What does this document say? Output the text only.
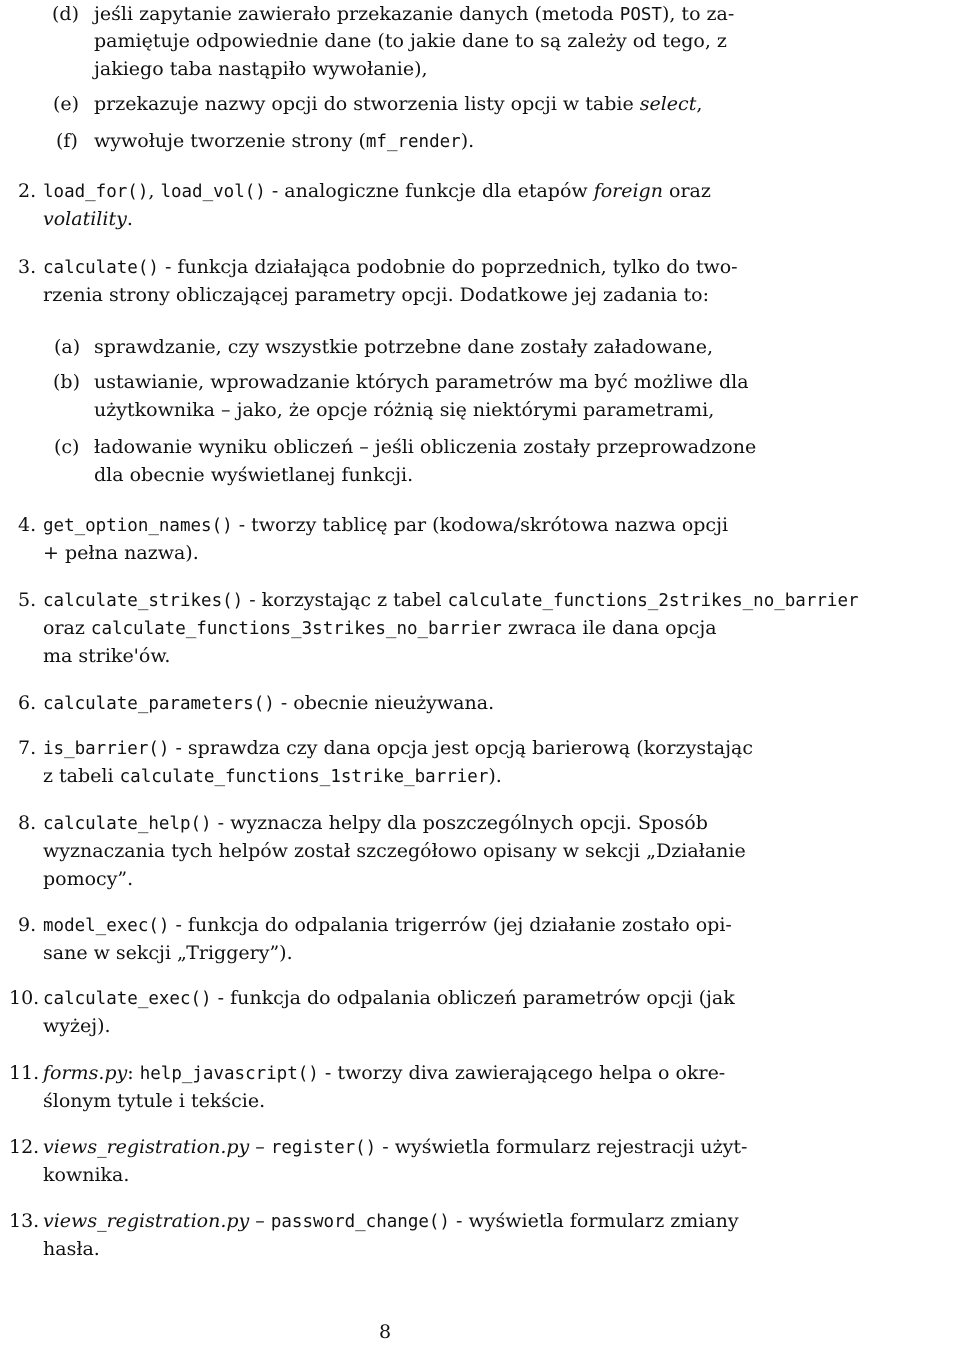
(d) jeśli zapytanie zawierało przekazanie danych (metoda POST), to za-
pamiętuje odpowiednie dane (to jakie dane to są zależy od tego, z
jakiego taba nastąpiło wywołanie),
(e) przekazuje nazwy opcji do stworzenia listy opcji w tabie select,
(f) wywołuje tworzenie strony (mf_render).
2. load_for(), load_vol() - analogiczne funkcje dla etapów foreign oraz
volatility.
3. calculate() - funkcja działająca podobnie do poprzednich, tylko do two-
rzenia strony obliczającej parametry opcji. Dodatkowe jej zadania to:
(a) sprawdzanie, czy wszystkie potrzebne dane zostały załadowane,
(b) ustawianie, wprowadzanie których parametrów ma być możliwe dla
użytkownika – jako, że opcje różnią się niektórymi parametrami,
(c) ładowanie wyniku obliczeń – jeśli obliczenia zostały przeprowadzone
dla obecnie wyświetlanej funkcji.
4. get_option_names() - tworzy tablicę par (kodowa/skrótowa nazwa opcji
+ pełna nazwa).
5. calculate_strikes() - korzystając z tabel calculate_functions_2strikes_no_barrier
oraz calculate_functions_3strikes_no_barrier zwraca ile dana opcja
ma strike'ów.
6. calculate_parameters() - obecnie nieużywana.
7. is_barrier() - sprawdza czy dana opcja jest opcją barierową (korzystając
z tabeli calculate_functions_1strike_barrier).
8. calculate_help() - wyznacza helpy dla poszczególnych opcji. Sposób
wyznaczania tych helpów został szczegółowo opisany w sekcji „Działanie
pomocy”.
9. model_exec() - funkcja do odpalania trigerrów (jej działanie zostało opi-
sane w sekcji „Triggery”).
10. calculate_exec() - funkcja do odpalania obliczeń parametrów opcji (jak
wyżej).
11. forms.py: help_javascript() - tworzy diva zawierającego helpa o okre-
ślonym tytule i tekście.
12. views_registration.py – register() - wyświetla formularz rejestracji użyt-
kownika.
13. views_registration.py – password_change() - wyświetla formularz zmiany
hasła.
8
